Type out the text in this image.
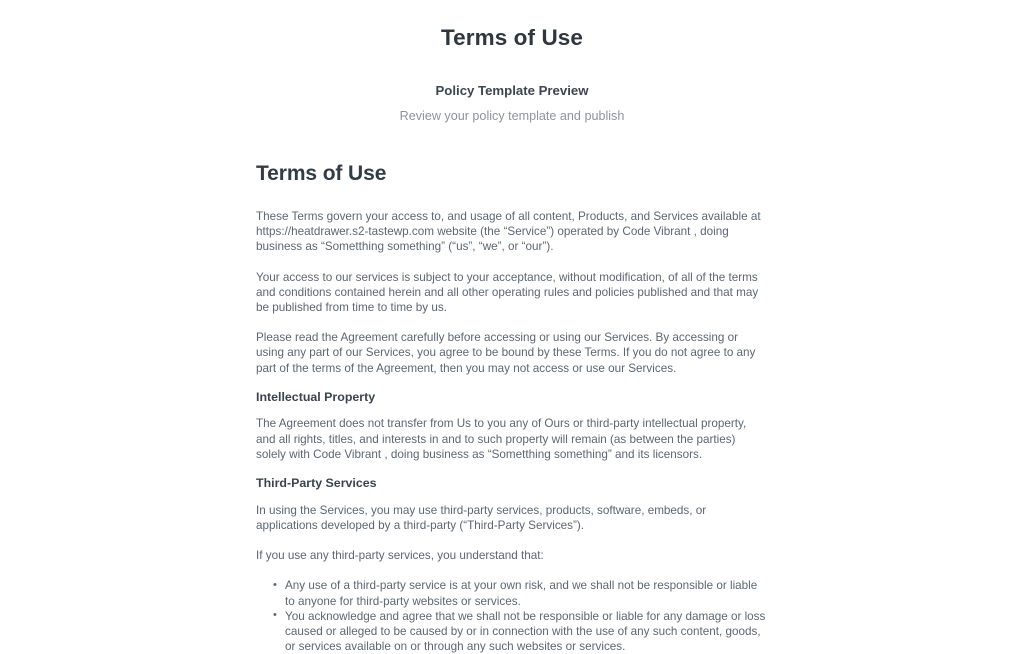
Terms of Use
Policy Template Preview
Review your policy template and publish
Terms of Use

These Terms govern your access to, and usage of all content, Products, and Services available at https://heatdrawer.s2-tastewp.com website (the “Service”) operated by Code Vibrant , doing business as “Sometthing something” (“us”, “we”, or “our”).

Your access to our services is subject to your acceptance, without modification, of all of the terms and conditions contained herein and all other operating rules and policies published and that may be published from time to time by us.

Please read the Agreement carefully before accessing or using our Services. By accessing or using any part of our Services, you agree to be bound by these Terms. If you do not agree to any part of the terms of the Agreement, then you may not access or use our Services.

Intellectual Property

The Agreement does not transfer from Us to you any of Ours or third-party intellectual property, and all rights, titles, and interests in and to such property will remain (as between the parties) solely with Code Vibrant , doing business as “Sometthing something” and its licensors.

Third-Party Services

In using the Services, you may use third-party services, products, software, embeds, or applications developed by a third-party (“Third-Party Services”).

If you use any third-party services, you understand that:

• Any use of a third-party service is at your own risk, and we shall not be responsible or liable to anyone for third-party websites or services.
• You acknowledge and agree that we shall not be responsible or liable for any damage or loss caused or alleged to be caused by or in connection with the use of any such content, goods, or services available on or through any such websites or services.
